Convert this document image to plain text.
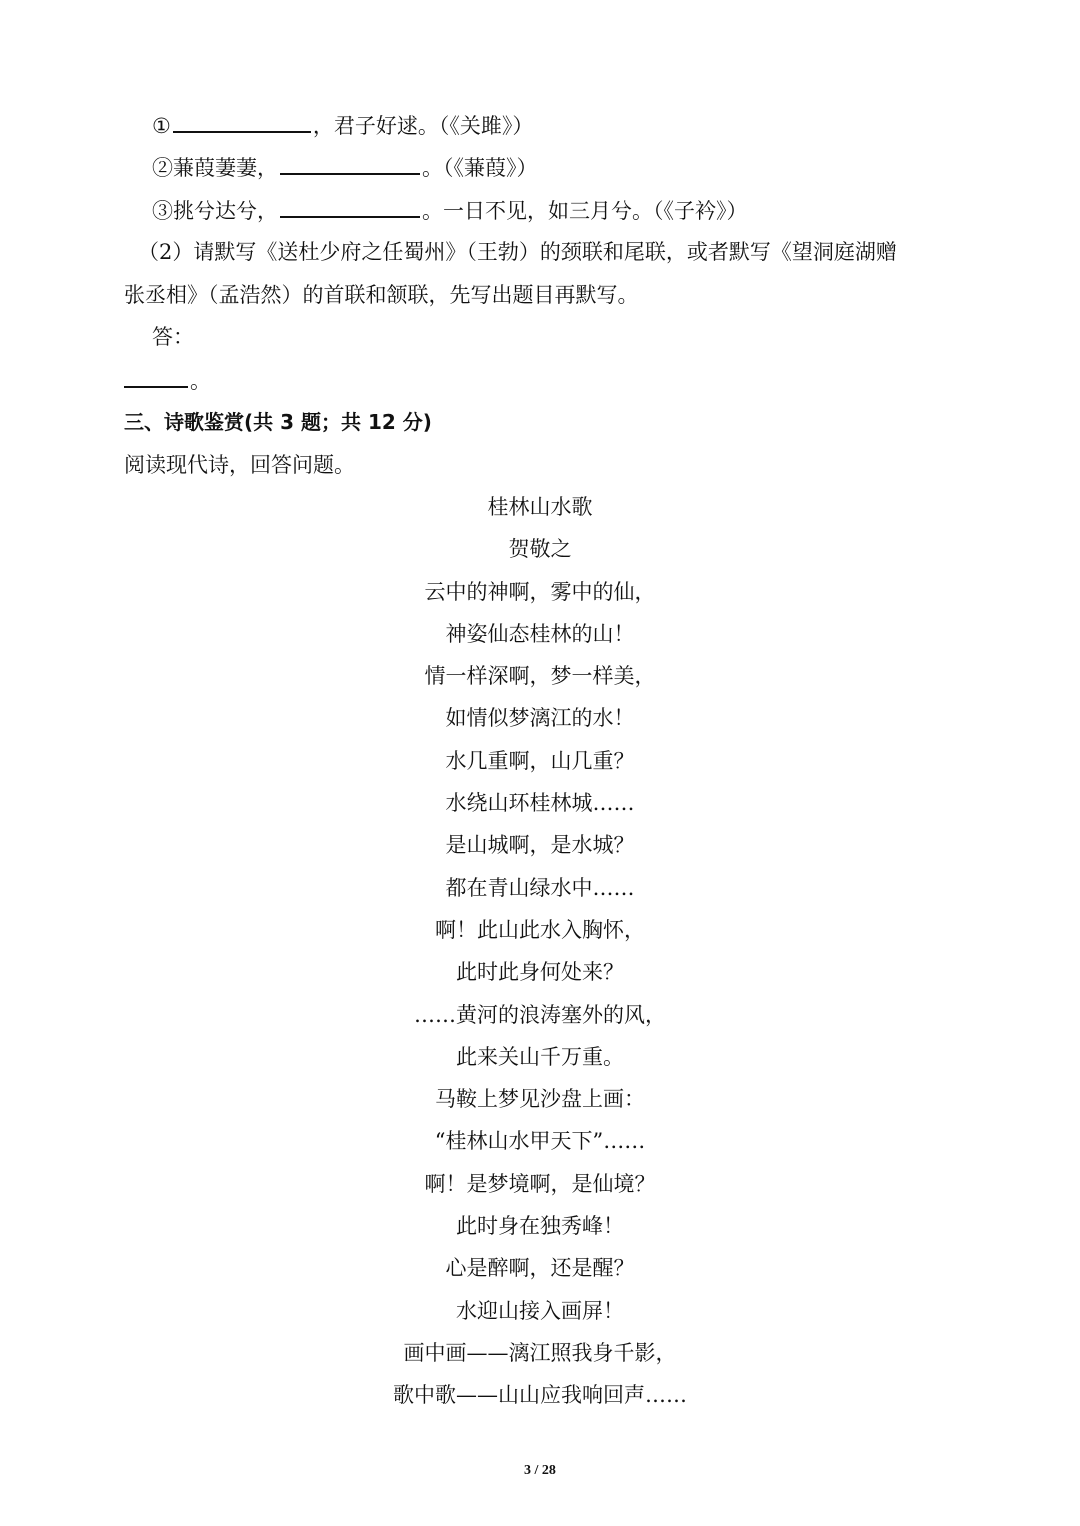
①	，君子好逑。（《关雎》）
②蒹葭萋萋，	。（《蒹葭》）
③挑兮达兮，	。一日不见，如三月兮。（《子衿》）
（2）请默写《送杜少府之任蜀州》（王勃）的颈联和尾联，或者默写《望洞庭湖赠
张丞相》（孟浩然）的首联和颔联，先写出题目再默写。
答：
。
三、诗歌鉴赏(共 3 题；共 12 分)
阅读现代诗，回答问题。
桂林山水歌
贺敬之
云中的神啊，雾中的仙，
神姿仙态桂林的山！
情一样深啊，梦一样美，
如情似梦漓江的水！
水几重啊，山几重？
水绕山环桂林城……
是山城啊，是水城？
都在青山绿水中……
啊！此山此水入胸怀，
此时此身何处来？
……黄河的浪涛塞外的风，
此来关山千万重。
马鞍上梦见沙盘上画：
“桂林山水甲天下”……
啊！是梦境啊，是仙境？
此时身在独秀峰！
心是醉啊，还是醒？
水迎山接入画屏！
画中画——漓江照我身千影，
歌中歌——山山应我响回声……
3 / 28
